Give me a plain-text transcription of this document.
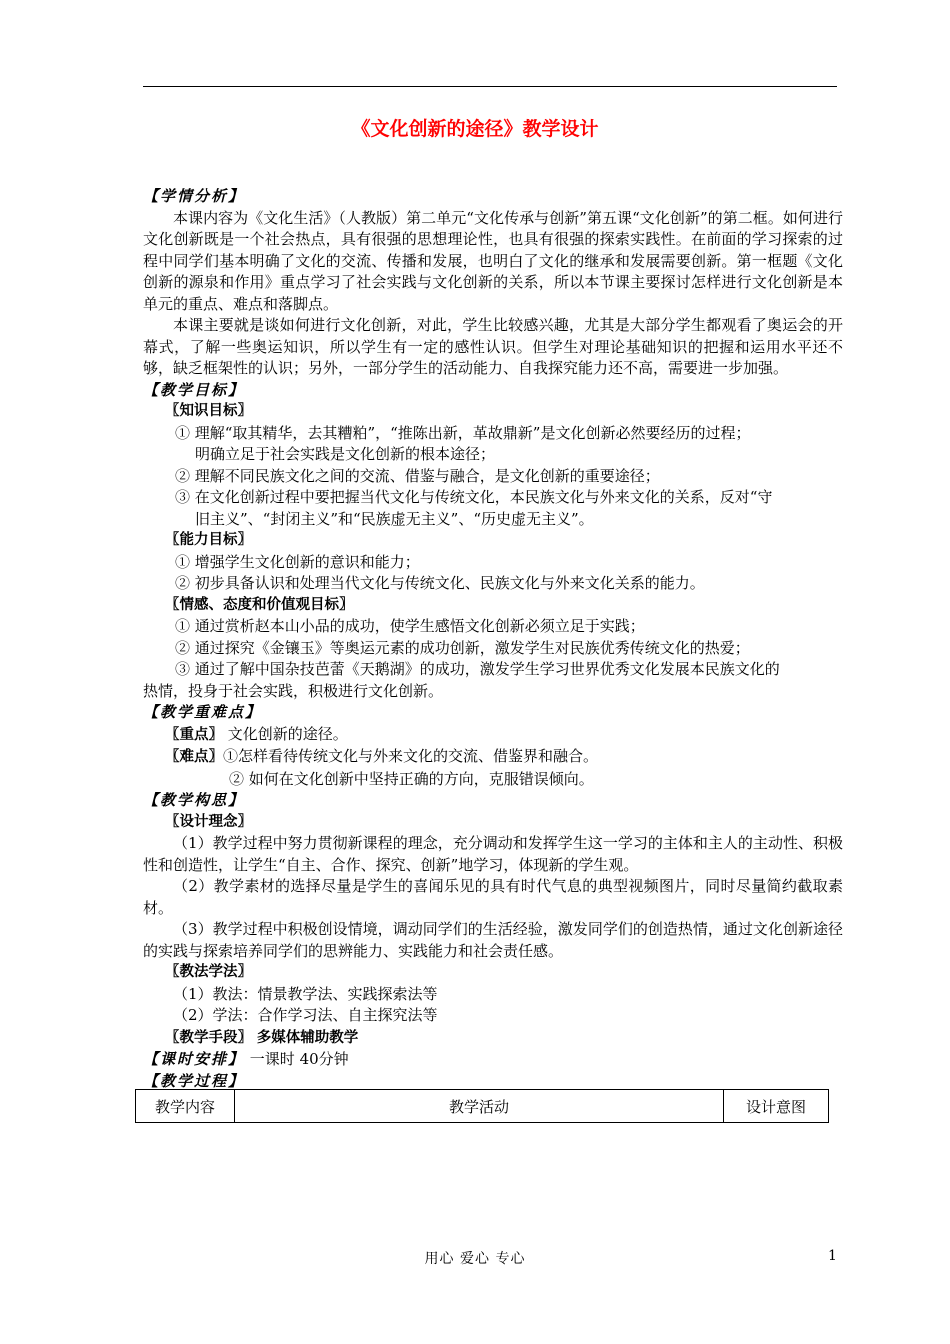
《文化创新的途径》教学设计
【学情分析】

本课内容为《文化生活》（人教版）第二单元“文化传承与创新”第五课“文化创新”的第二框。如何进行文化创新既是一个社会热点，具有很强的思想理论性，也具有很强的探索实践性。在前面的学习探索的过程中同学们基本明确了文化的交流、传播和发展，也明白了文化的继承和发展需要创新。第一框题《文化创新的源泉和作用》重点学习了社会实践与文化创新的关系，所以本节课主要探讨怎样进行文化创新是本单元的重点、难点和落脚点。

本课主要就是谈如何进行文化创新，对此，学生比较感兴趣，尤其是大部分学生都观看了奥运会的开幕式，了解一些奥运知识，所以学生有一定的感性认识。但学生对理论基础知识的把握和运用水平还不够，缺乏框架性的认识；另外，一部分学生的活动能力、自我探究能力还不高，需要进一步加强。

【教学目标】
〖知识目标〗
① 理解“取其精华，去其糟粕”，“推陈出新，革故鼎新”是文化创新必然要经历的过程；
明确立足于社会实践是文化创新的根本途径；
② 理解不同民族文化之间的交流、借鉴与融合，是文化创新的重要途径；
③ 在文化创新过程中要把握当代文化与传统文化，本民族文化与外来文化的关系，反对“守
旧主义”、“封闭主义”和“民族虚无主义”、“历史虚无主义”。
〖能力目标〗
① 增强学生文化创新的意识和能力；
② 初步具备认识和处理当代文化与传统文化、民族文化与外来文化关系的能力。
〖情感、态度和价值观目标〗
① 通过赏析赵本山小品的成功，使学生感悟文化创新必须立足于实践；
② 通过探究《金镶玉》等奥运元素的成功创新，激发学生对民族优秀传统文化的热爱；
③ 通过了解中国杂技芭蕾《天鹅湖》的成功，激发学生学习世界优秀文化发展本民族文化的
热情，投身于社会实践，积极进行文化创新。
【教学重难点】
〖重点〗 文化创新的途径。
〖难点〗①怎样看待传统文化与外来文化的交流、借鉴界和融合。
② 如何在文化创新中坚持正确的方向，克服错误倾向。
【教学构思】
〖设计理念〗

（1）教学过程中努力贯彻新课程的理念，充分调动和发挥学生这一学习的主体和主人的主动性、积极性和创造性，让学生“自主、合作、探究、创新”地学习，体现新的学生观。

（2）教学素材的选择尽量是学生的喜闻乐见的具有时代气息的典型视频图片，同时尽量简约截取素材。

（3）教学过程中积极创设情境，调动同学们的生活经验，激发同学们的创造热情，通过文化创新途径的实践与探索培养同学们的思辨能力、实践能力和社会责任感。

〖教法学法〗
（1）教法：情景教学法、实践探索法等
（2）学法：合作学习法、自主探究法等
〖教学手段〗 多媒体辅助教学
【课时安排】 一课时 40分钟
【教学过程】
教学内容	教学活动	设计意图
用心 爱心 专心	1
